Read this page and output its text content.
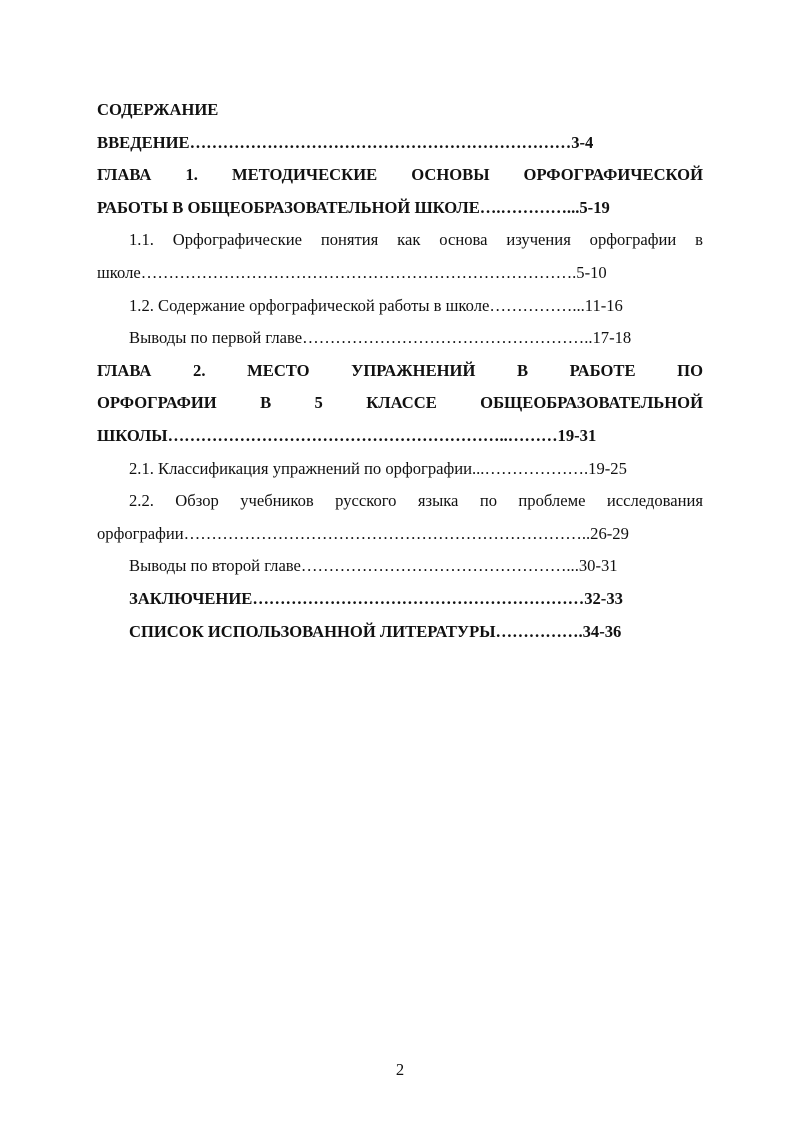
СОДЕРЖАНИЕ
ВВЕДЕНИЕ……………………………………………………………3-4
ГЛАВА 1. МЕТОДИЧЕСКИЕ ОСНОВЫ ОРФОГРАФИЧЕСКОЙ
РАБОТЫ В ОБЩЕОБРАЗОВАТЕЛЬНОЙ ШКОЛЕ….…………...5-19
1.1. Орфографические понятия как основа изучения орфографии в
школе…………………………………………………………………….5-10
1.2. Содержание орфографической работы в школе……………...11-16
Выводы по первой главе……………………………………………..17-18
ГЛАВА 2. МЕСТО УПРАЖНЕНИЙ В РАБОТЕ ПО
ОРФОГРАФИИ В 5 КЛАССЕ ОБЩЕОБРАЗОВАТЕЛЬНОЙ
ШКОЛЫ……………………………………………………..………19-31
2.1. Классификация упражнений по орфографии...……………….19-25
2.2. Обзор учебников русского языка по проблеме исследования
орфографии………………………………………………………………..26-29
Выводы по второй главе…………………………………………...30-31
ЗАКЛЮЧЕНИЕ……………………………………………………32-33
СПИСОК ИСПОЛЬЗОВАННОЙ ЛИТЕРАТУРЫ…………….34-36
2
